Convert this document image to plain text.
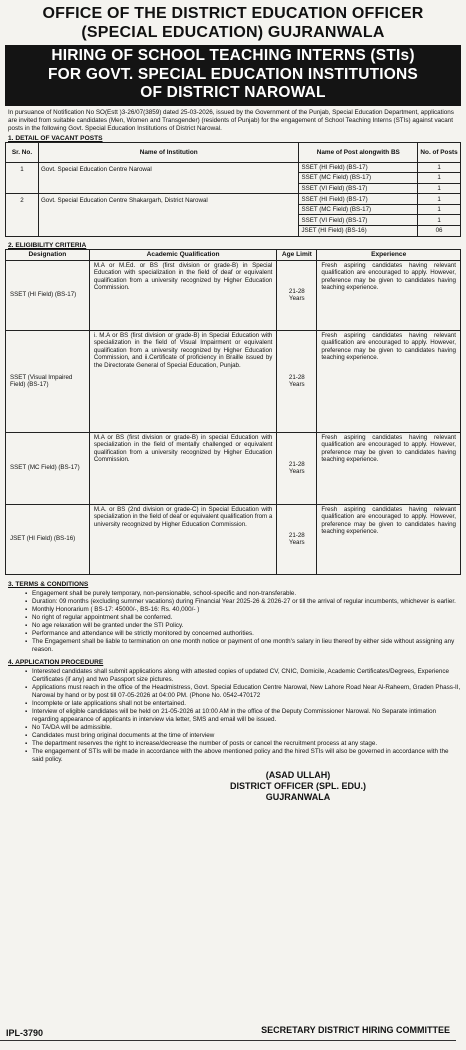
OFFICE OF THE DISTRICT EDUCATION OFFICER
(SPECIAL EDUCATION) GUJRANWALA
HIRING OF SCHOOL TEACHING INTERNS (STIs)
FOR GOVT. SPECIAL EDUCATION INSTITUTIONS
OF DISTRICT NAROWAL

In pursuance of Notification No SO(Estt )3-26/07(3859) dated 25-03-2026, issued by the Government of the Punjab, Special Education Department, applications are invited from suitable candidates (Men, Women and Transgender) (residents of Punjab) for the engagement of School Teaching Interns (STIs) against vacant posts in the following Govt. Special Education Institutions of District Narowal.

1. DETAIL OF VACANT POSTS
Sr. No.	Name of Institution	Name of Post alongwith BS	No. of Posts
1	Govt. Special Education Centre Narowal	SSET (HI Field) (BS-17)	1
		SSET (MC Field) (BS-17)	1
		SSET (VI Field) (BS-17)	1
2	Govt. Special Education Centre Shakargarh, District Narowal	SSET (HI Field) (BS-17)	1
		SSET (MC Field) (BS-17)	1
		SSET (VI Field) (BS-17)	1
		JSET (HI Field) (BS-16)	06
2. ELIGIBILITY CRITERIA
Designation	Academic Qualification	Age Limit	Experience
SSET (HI Field) (BS-17)	M.A or M.Ed. or BS (first division or grade-B) in Special Education with specialization in the field of deaf or equivalent qualification from a university recognized by Higher Education Commission.	21-28 Years	Fresh aspiring candidates having relevant qualification are encouraged to apply. However, preference may be given to candidates having teaching experience.
SSET (Visual Impaired Field) (BS-17)	i. M.A or BS (first division or grade-B) in Special Education with specialization in the field of Visual Impairment or equivalent qualification from a university recognized by Higher Education Commission, and ii.Certificate of proficiency in Braille issued by the Directorate General of Special Education, Punjab.	21-28 Years	Fresh aspiring candidates having relevant qualification are encouraged to apply. However, preference may be given to candidates having teaching experience.
SSET (MC Field) (BS-17)	M.A or BS (first division or grade-B) in special Education with specialization in the field of mentally challenged or equivalent qualification from a university recognized by Higher Education Commission.	21-28 Years	Fresh aspiring candidates having relevant qualification are encouraged to apply. However, preference may be given to candidates having teaching experience.
JSET (HI Field) (BS-16)	M.A. or BS (2nd division or grade-C) in Special Education with specialization in the field of deaf or equivalent qualification from a university recognized by Higher Education Commission.	21-28 Years	Fresh aspiring candidates having relevant qualification are encouraged to apply. However, preference may be given to candidates having teaching experience.
3. TERMS & CONDITIONS
▪ Engagement shall be purely temporary, non-pensionable, school-specific and non-transferable.
▪ Duration: 09 months (excluding summer vacations) during Financial Year 2025-26 & 2026-27 or till the arrival of regular incumbents, whichever is earlier.
▪ Monthly Honorarium ( BS-17: 45000/-, BS-16: Rs. 40,000/- )
▪ No right of regular appointment shall be conferred.
▪ No age relaxation will be granted under the STI Policy.
▪ Performance and attendance will be strictly monitored by concerned authorities.
▪ The Engagement shall be liable to termination on one month notice or payment of one month's salary in lieu thereof by either side without assigning any reason.
4. APPLICATION PROCEDURE
▪ Interested candidates shall submit applications along with attested copies of updated CV, CNIC, Domicile, Academic Certificates/Degrees, Experience Certificates (if any) and two Passport size pictures.
▪ Applications must reach in the office of the Headmistress, Govt. Special Education Centre Narowal, New Lahore Road Near Al-Raheem, Graden Phass-II, Narowal by hand or by post till 07-05-2026 at 04:00 PM. (Phone No. 0542-470172
▪ Incomplete or late applications shall not be entertained.
▪ Interview of eligible candidates will be held on 21-05-2026 at 10:00 AM in the office of the Deputy Commissioner Narowal. No Separate intimation regarding appearance of applicants in interview via letter, SMS and email will be issued.
▪ No TA/DA will be admissible.
▪ Candidates must bring original documents at the time of interview
▪ The department reserves the right to increase/decrease the number of posts or cancel the recruitment process at any stage.
▪ The engagement of STIs will be made in accordance with the above mentioned policy and the hired STIs will also be governed in accordance with the said policy.
(ASAD ULLAH)
DISTRICT OFFICER (SPL. EDU.)
GUJRANWALA
IPL-3790	SECRETARY DISTRICT HIRING COMMITTEE
